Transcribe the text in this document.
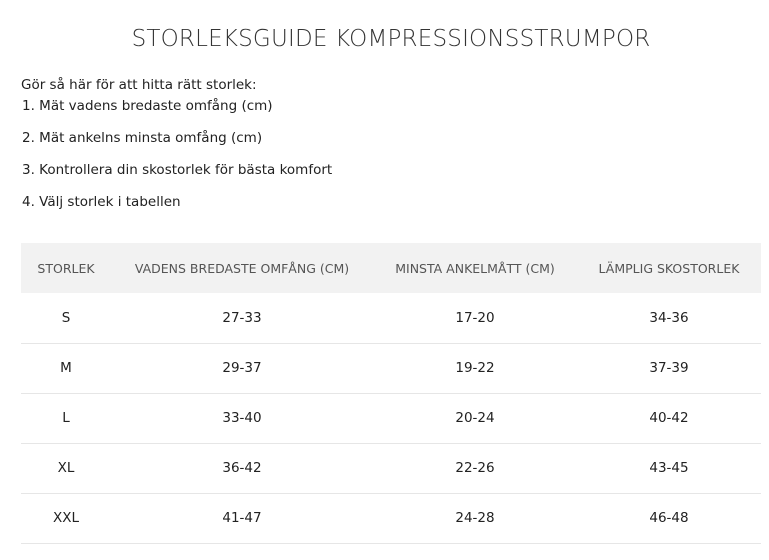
STORLEKSGUIDE KOMPRESSIONSSTRUMPOR

Gör så här för att hitta rätt storlek:

1. Mät vadens bredaste omfång (cm)
2. Mät ankelns minsta omfång (cm)
3. Kontrollera din skostorlek för bästa komfort
4. Välj storlek i tabellen
STORLEK	VADENS BREDASTE OMFÅNG (CM)	MINSTA ANKELMÅTT (CM)	LÄMPLIG SKOSTORLEK
S	27-33	17-20	34-36
M	29-37	19-22	37-39
L	33-40	20-24	40-42
XL	36-42	22-26	43-45
XXL	41-47	24-28	46-48
